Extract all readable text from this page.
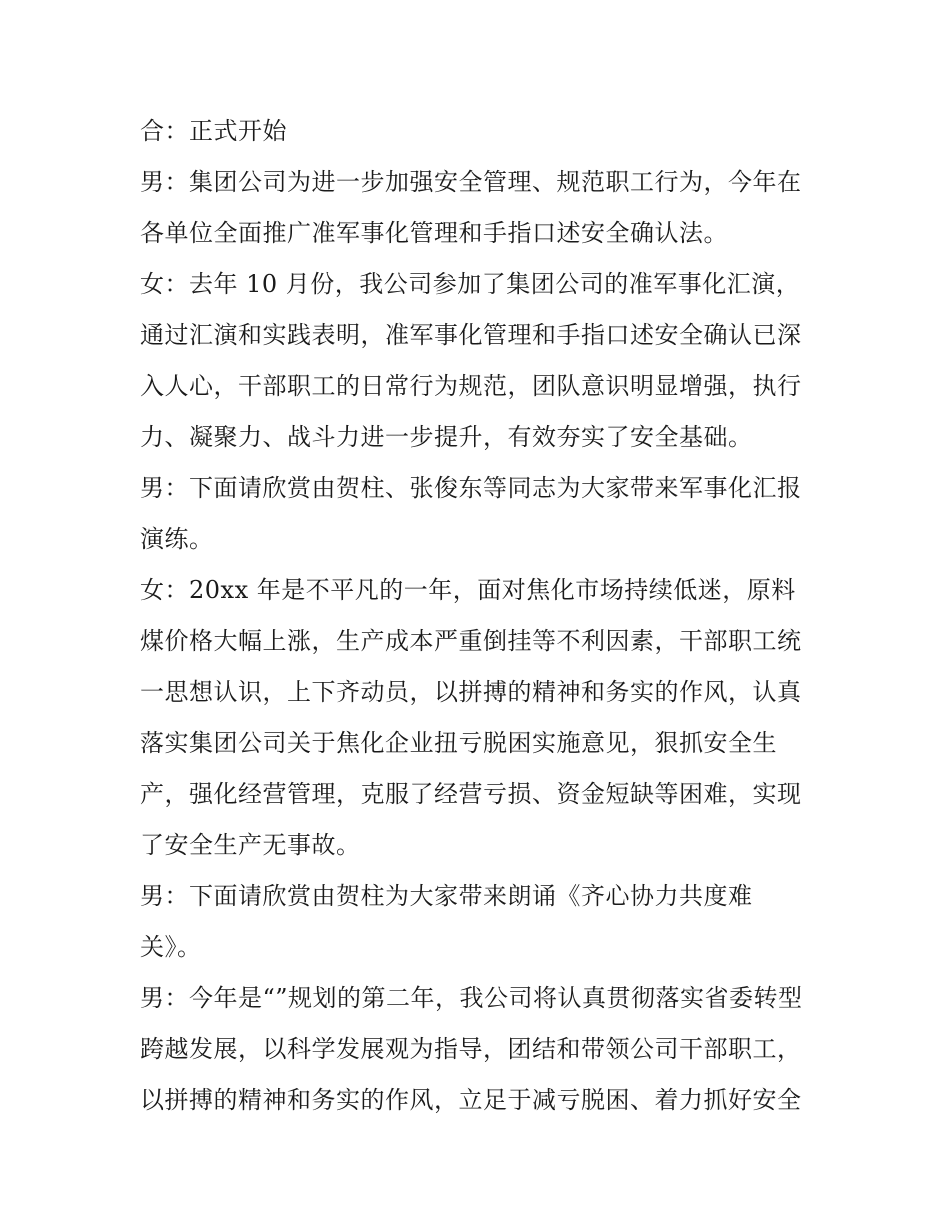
合：正式开始
男：集团公司为进一步加强安全管理、规范职工行为，今年在
各单位全面推广准军事化管理和手指口述安全确认法。
女：去年 10 月份，我公司参加了集团公司的准军事化汇演，
通过汇演和实践表明，准军事化管理和手指口述安全确认已深
入人心，干部职工的日常行为规范，团队意识明显增强，执行
力、凝聚力、战斗力进一步提升，有效夯实了安全基础。
男：下面请欣赏由贺柱、张俊东等同志为大家带来军事化汇报
演练。
女：20xx 年是不平凡的一年，面对焦化市场持续低迷，原料
煤价格大幅上涨，生产成本严重倒挂等不利因素，干部职工统
一思想认识，上下齐动员，以拼搏的精神和务实的作风，认真
落实集团公司关于焦化企业扭亏脱困实施意见，狠抓安全生
产，强化经营管理，克服了经营亏损、资金短缺等困难，实现
了安全生产无事故。
男：下面请欣赏由贺柱为大家带来朗诵《齐心协力共度难
关》。
男：今年是“”规划的第二年，我公司将认真贯彻落实省委转型
跨越发展，以科学发展观为指导，团结和带领公司干部职工，
以拼搏的精神和务实的作风，立足于减亏脱困、着力抓好安全
